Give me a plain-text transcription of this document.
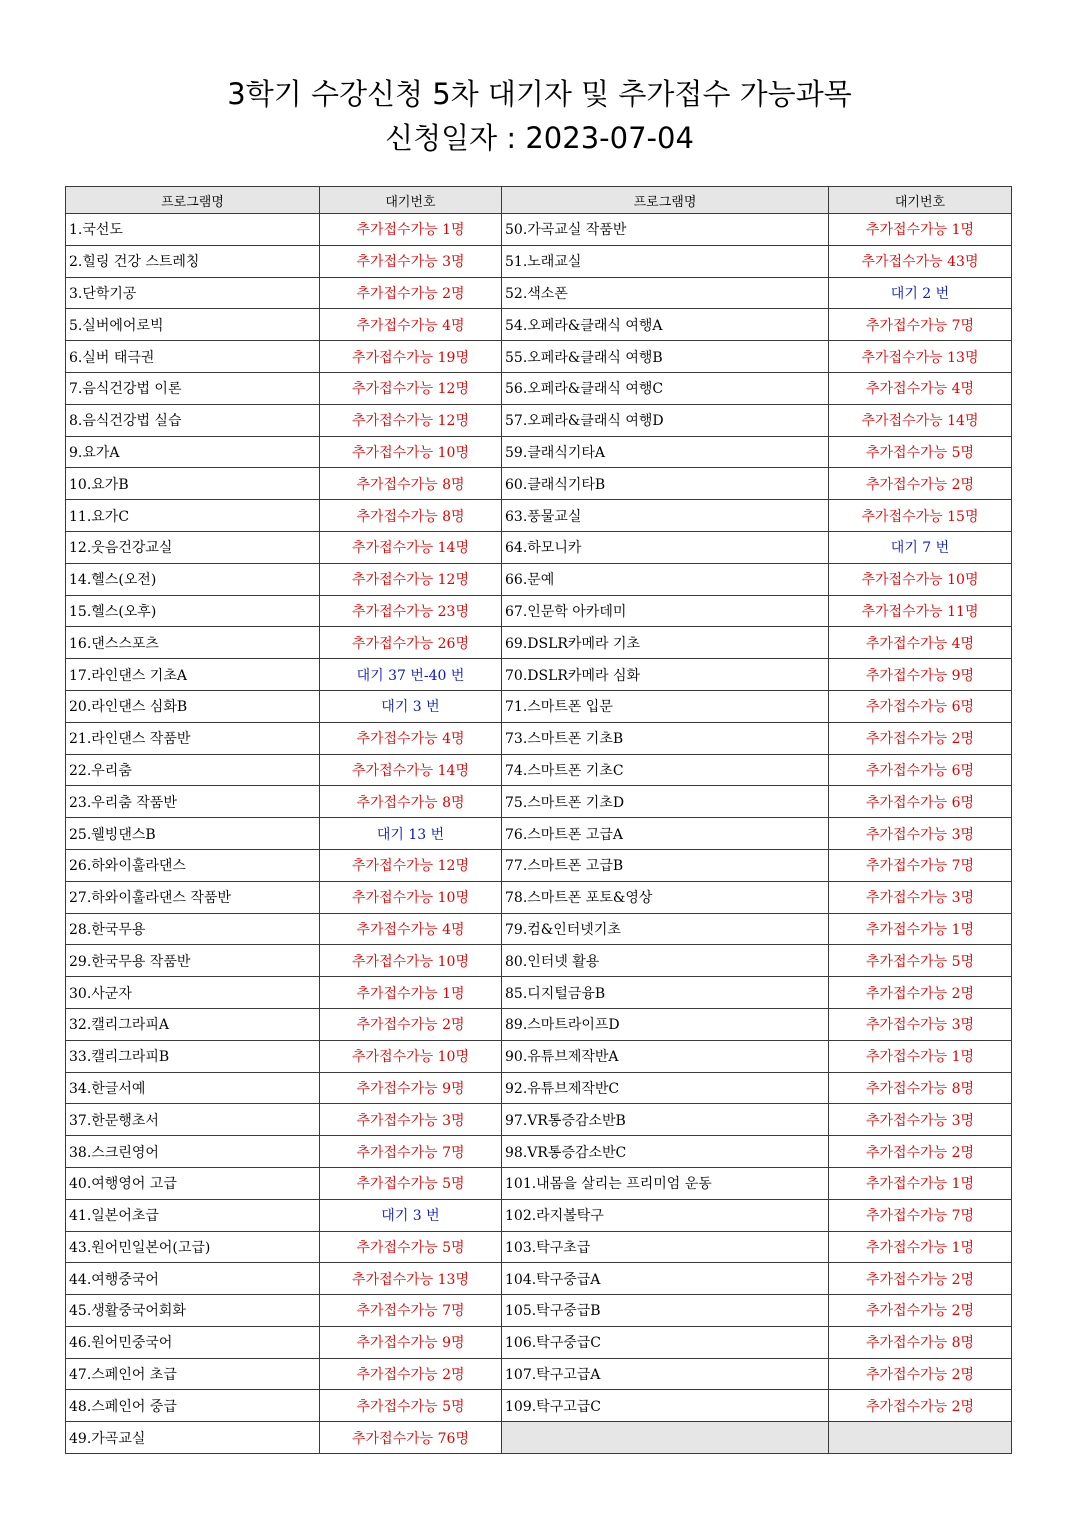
3학기 수강신청 5차 대기자 및 추가접수 가능과목
신청일자 : 2023-07-04
프로그램명	대기번호	프로그램명	대기번호
1.국선도	추가접수가능 1명	50.가곡교실 작품반	추가접수가능 1명
2.힐링 건강 스트레칭	추가접수가능 3명	51.노래교실	추가접수가능 43명
3.단학기공	추가접수가능 2명	52.색소폰	대기 2 번
5.실버에어로빅	추가접수가능 4명	54.오페라&클래식 여행A	추가접수가능 7명
6.실버 태극권	추가접수가능 19명	55.오페라&클래식 여행B	추가접수가능 13명
7.음식건강법 이론	추가접수가능 12명	56.오페라&클래식 여행C	추가접수가능 4명
8.음식건강법 실습	추가접수가능 12명	57.오페라&클래식 여행D	추가접수가능 14명
9.요가A	추가접수가능 10명	59.클래식기타A	추가접수가능 5명
10.요가B	추가접수가능 8명	60.클래식기타B	추가접수가능 2명
11.요가C	추가접수가능 8명	63.풍물교실	추가접수가능 15명
12.웃음건강교실	추가접수가능 14명	64.하모니카	대기 7 번
14.헬스(오전)	추가접수가능 12명	66.문예	추가접수가능 10명
15.헬스(오후)	추가접수가능 23명	67.인문학 아카데미	추가접수가능 11명
16.댄스스포츠	추가접수가능 26명	69.DSLR카메라 기초	추가접수가능 4명
17.라인댄스 기초A	대기 37 번-40 번	70.DSLR카메라 심화	추가접수가능 9명
20.라인댄스 심화B	대기 3 번	71.스마트폰 입문	추가접수가능 6명
21.라인댄스 작품반	추가접수가능 4명	73.스마트폰 기초B	추가접수가능 2명
22.우리춤	추가접수가능 14명	74.스마트폰 기초C	추가접수가능 6명
23.우리춤 작품반	추가접수가능 8명	75.스마트폰 기초D	추가접수가능 6명
25.웰빙댄스B	대기 13 번	76.스마트폰 고급A	추가접수가능 3명
26.하와이훌라댄스	추가접수가능 12명	77.스마트폰 고급B	추가접수가능 7명
27.하와이훌라댄스 작품반	추가접수가능 10명	78.스마트폰 포토&영상	추가접수가능 3명
28.한국무용	추가접수가능 4명	79.컴&인터넷기초	추가접수가능 1명
29.한국무용 작품반	추가접수가능 10명	80.인터넷 활용	추가접수가능 5명
30.사군자	추가접수가능 1명	85.디지털금융B	추가접수가능 2명
32.캘리그라피A	추가접수가능 2명	89.스마트라이프D	추가접수가능 3명
33.캘리그라피B	추가접수가능 10명	90.유튜브제작반A	추가접수가능 1명
34.한글서예	추가접수가능 9명	92.유튜브제작반C	추가접수가능 8명
37.한문행초서	추가접수가능 3명	97.VR통증감소반B	추가접수가능 3명
38.스크린영어	추가접수가능 7명	98.VR통증감소반C	추가접수가능 2명
40.여행영어 고급	추가접수가능 5명	101.내몸을 살리는 프리미엄 운동	추가접수가능 1명
41.일본어초급	대기 3 번	102.라지볼탁구	추가접수가능 7명
43.원어민일본어(고급)	추가접수가능 5명	103.탁구초급	추가접수가능 1명
44.여행중국어	추가접수가능 13명	104.탁구중급A	추가접수가능 2명
45.생활중국어회화	추가접수가능 7명	105.탁구중급B	추가접수가능 2명
46.원어민중국어	추가접수가능 9명	106.탁구중급C	추가접수가능 8명
47.스페인어 초급	추가접수가능 2명	107.탁구고급A	추가접수가능 2명
48.스페인어 중급	추가접수가능 5명	109.탁구고급C	추가접수가능 2명
49.가곡교실	추가접수가능 76명		
